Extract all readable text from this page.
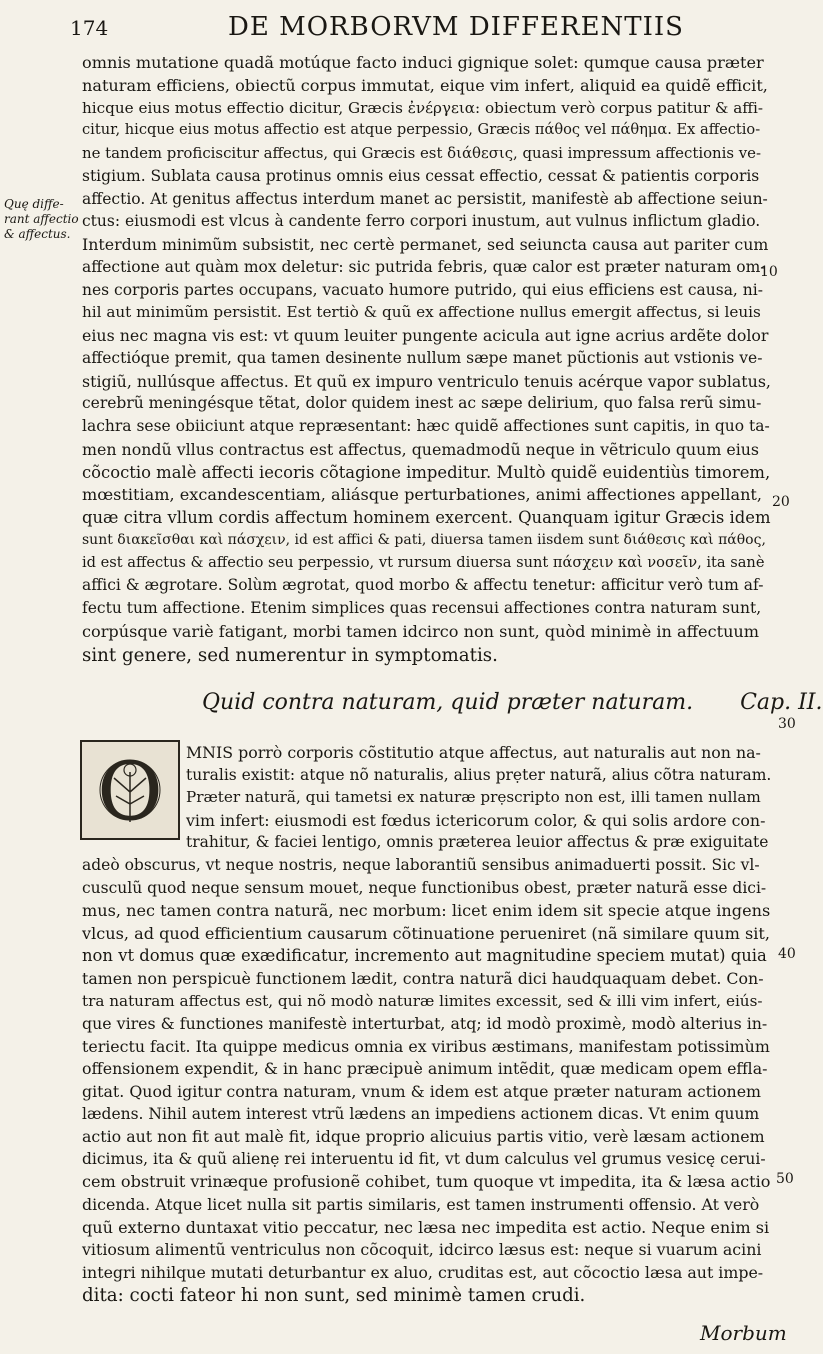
174	DE MORBORVM DIFFERENTIIS
omnis mutatione quadã motúque facto induci gignique solet: qumque causa præter
naturam efficiens, obiectũ corpus immutat, eique vim infert, aliquid ea quidẽ efficit,
hicque eius motus effectio dicitur, Græcis ἐνέργεια: obiectum verò corpus patitur & affi-
citur, hicque eius motus affectio est atque perpessio, Græcis πάθος vel πάθημα. Ex affectio-
ne tandem proficiscitur affectus, qui Græcis est διάθεσις, quasi impressum affectionis ve-
stigium. Sublata causa protinus omnis eius cessat effectio, cessat & patientis corporis
affectio. At genitus affectus interdum manet ac persistit, manifestè ab affectione seiun-
ctus: eiusmodi est vlcus à candente ferro corpori inustum, aut vulnus inflictum gladio.
Interdum minimũm subsistit, nec certè permanet, sed seiuncta causa aut pariter cum
affectione aut quàm mox deletur: sic putrida febris, quæ calor est præter naturam om-
nes corporis partes occupans, vacuato humore putrido, qui eius efficiens est causa, ni-
hil aut minimũm persistit. Est tertiò & quũ ex affectione nullus emergit affectus, si leuis
eius nec magna vis est: vt quum leuiter pungente acicula aut igne acrius ardẽte dolor
affectióque premit, qua tamen desinente nullum sæpe manet pũctionis aut vstionis ve-
stigiũ, nullúsque affectus. Et quũ ex impuro ventriculo tenuis acérque vapor sublatus,
cerebrũ meningésque tẽtat, dolor quidem inest ac sæpe delirium, quo falsa rerũ simu-
lachra sese obiiciunt atque repræsentant: hæc quidẽ affectiones sunt capitis, in quo ta-
men nondũ vllus contractus est affectus, quemadmodũ neque in vẽtriculo quum eius
cõcoctio malè affecti iecoris cõtagione impeditur. Multò quidẽ euidentiùs timorem,
mœstitiam, excandescentiam, aliásque perturbationes, animi affectiones appellant,
quæ citra vllum cordis affectum hominem exercent. Quanquam igitur Græcis idem
sunt διακεῖσθαι καὶ πάσχειν, id est affici & pati, diuersa tamen iisdem sunt διάθεσις καὶ πάθος,
id est affectus & affectio seu perpessio, vt rursum diuersa sunt πάσχειν καὶ νοσεῖν, ita sanè
affici & ægrotare. Solùm ægrotat, quod morbo & affectu tenetur: afficitur verò tum af-
fectu tum affectione. Etenim simplices quas recensui affectiones contra naturam sunt,
corpúsque variè fatigant, morbi tamen idcirco non sunt, quòd minimè in affectuum
sint genere, sed numerentur in symptomatis.
Quę diffe-
rant affectio
& affectus.
10
20
30
40
50
Quid contra naturam, quid præter naturam. Cap. II.
O	MNIS porrò corporis cõstitutio atque affectus, aut naturalis aut non na-
turalis existit: atque nõ naturalis, alius prẹter naturã, alius cõtra naturam.
Præter naturã, qui tametsi ex naturæ prẹscripto non est, illi tamen nullam
vim infert: eiusmodi est fœdus ictericorum color, & qui solis ardore con-
trahitur, & faciei lentigo, omnis præterea leuior affectus & præ exiguitate
adeò obscurus, vt neque nostris, neque laborantiũ sensibus animaduerti possit. Sic vl-
cusculũ quod neque sensum mouet, neque functionibus obest, præter naturã esse dici-
mus, nec tamen contra naturã, nec morbum: licet enim idem sit specie atque ingens
vlcus, ad quod efficientium causarum cõtinuatione perueniret (nã similare quum sit,
non vt domus quæ exædificatur, incremento aut magnitudine speciem mutat) quia
tamen non perspicuè functionem lædit, contra naturã dici haudquaquam debet. Con-
tra naturam affectus est, qui nõ modò naturæ limites excessit, sed & illi vim infert, eiús-
que vires & functiones manifestè interturbat, atq; id modò proximè, modò alterius in-
teriectu facit. Ita quippe medicus omnia ex viribus æstimans, manifestam potissimùm
offensionem expendit, & in hanc præcipuè animum intẽdit, quæ medicam opem effla-
gitat. Quod igitur contra naturam, vnum & idem est atque præter naturam actionem
lædens. Nihil autem interest vtrũ lædens an impediens actionem dicas. Vt enim quum
actio aut non fit aut malè fit, idque proprio alicuius partis vitio, verè læsam actionem
dicimus, ita & quũ alienẹ rei interuentu id fit, vt dum calculus vel grumus vesicę cerui-
cem obstruit vrinæque profusionẽ cohibet, tum quoque vt impedita, ita & læsa actio
dicenda. Atque licet nulla sit partis similaris, est tamen instrumenti offensio. At verò
quũ externo duntaxat vitio peccatur, nec læsa nec impedita est actio. Neque enim si
vitiosum alimentũ ventriculus non cõcoquit, idcirco læsus est: neque si vuarum acini
integri nihilque mutati deturbantur ex aluo, cruditas est, aut cõcoctio læsa aut impe-
dita: cocti fateor hi non sunt, sed minimè tamen crudi.
Morbum
